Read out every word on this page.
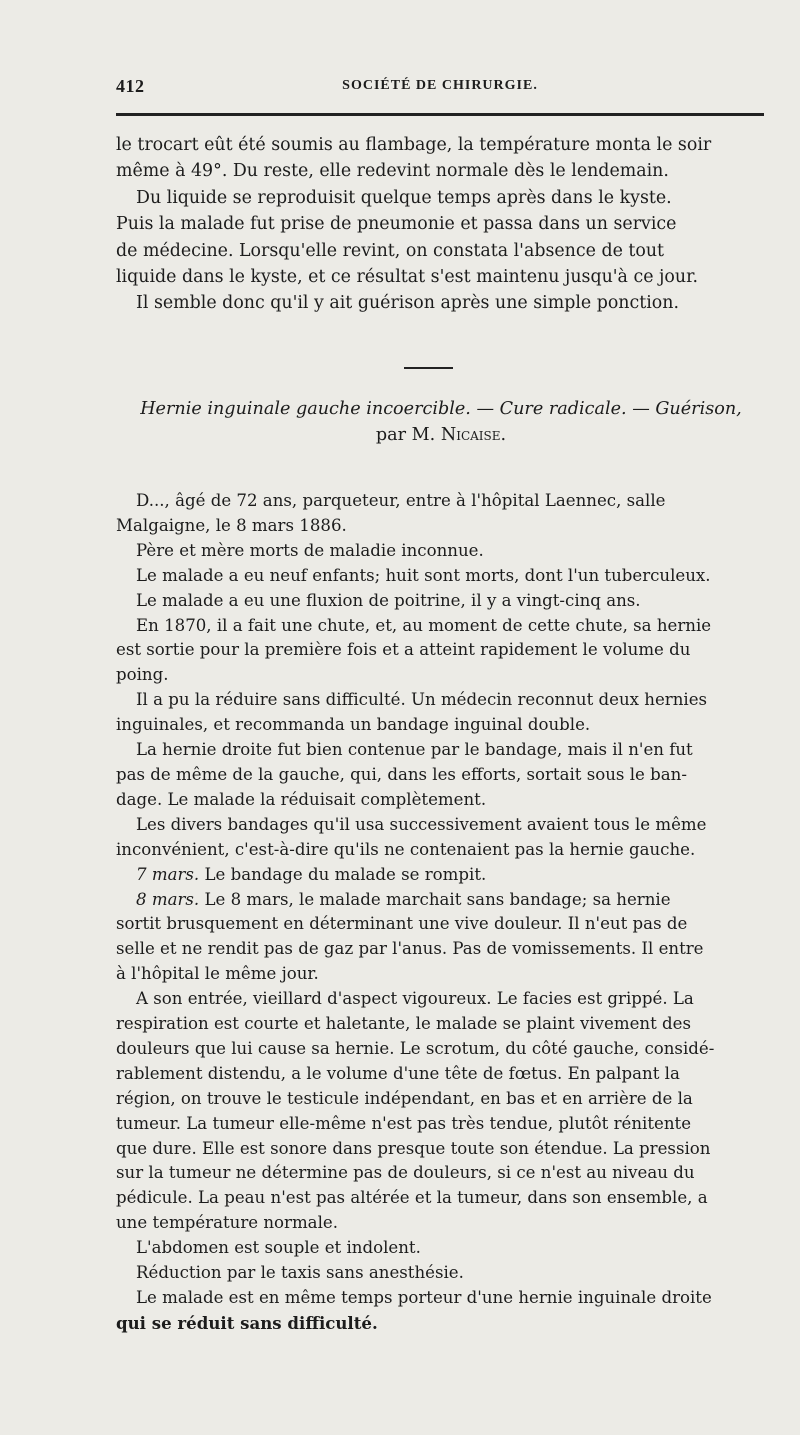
412	SOCIÉTÉ DE CHIRURGIE.

le trocart eût été soumis au flambage, la température monta le soir

même à 49°. Du reste, elle redevint normale dès le lendemain.

Du liquide se reproduisit quelque temps après dans le kyste.

Puis la malade fut prise de pneumonie et passa dans un service

de médecine. Lorsqu'elle revint, on constata l'absence de tout

liquide dans le kyste, et ce résultat s'est maintenu jusqu'à ce jour.

Il semble donc qu'il y ait guérison après une simple ponction.

Hernie inguinale gauche incoercible. — Cure radicale. — Guérison,
par M. Nicaise.

D..., âgé de 72 ans, parqueteur, entre à l'hôpital Laennec, salle

Malgaigne, le 8 mars 1886.

Père et mère morts de maladie inconnue.

Le malade a eu neuf enfants; huit sont morts, dont l'un tuberculeux.

Le malade a eu une fluxion de poitrine, il y a vingt-cinq ans.

En 1870, il a fait une chute, et, au moment de cette chute, sa hernie

est sortie pour la première fois et a atteint rapidement le volume du

poing.

Il a pu la réduire sans difficulté. Un médecin reconnut deux hernies

inguinales, et recommanda un bandage inguinal double.

La hernie droite fut bien contenue par le bandage, mais il n'en fut

pas de même de la gauche, qui, dans les efforts, sortait sous le ban-

dage. Le malade la réduisait complètement.

Les divers bandages qu'il usa successivement avaient tous le même

inconvénient, c'est-à-dire qu'ils ne contenaient pas la hernie gauche.

7 mars. Le bandage du malade se rompit.

8 mars. Le 8 mars, le malade marchait sans bandage; sa hernie

sortit brusquement en déterminant une vive douleur. Il n'eut pas de

selle et ne rendit pas de gaz par l'anus. Pas de vomissements. Il entre

à l'hôpital le même jour.

A son entrée, vieillard d'aspect vigoureux. Le facies est grippé. La

respiration est courte et haletante, le malade se plaint vivement des

douleurs que lui cause sa hernie. Le scrotum, du côté gauche, considé-

rablement distendu, a le volume d'une tête de fœtus. En palpant la

région, on trouve le testicule indépendant, en bas et en arrière de la

tumeur. La tumeur elle-même n'est pas très tendue, plutôt rénitente

que dure. Elle est sonore dans presque toute son étendue. La pression

sur la tumeur ne détermine pas de douleurs, si ce n'est au niveau du

pédicule. La peau n'est pas altérée et la tumeur, dans son ensemble, a

une température normale.

L'abdomen est souple et indolent.

Réduction par le taxis sans anesthésie.

Le malade est en même temps porteur d'une hernie inguinale droite

qui se réduit sans difficulté.
